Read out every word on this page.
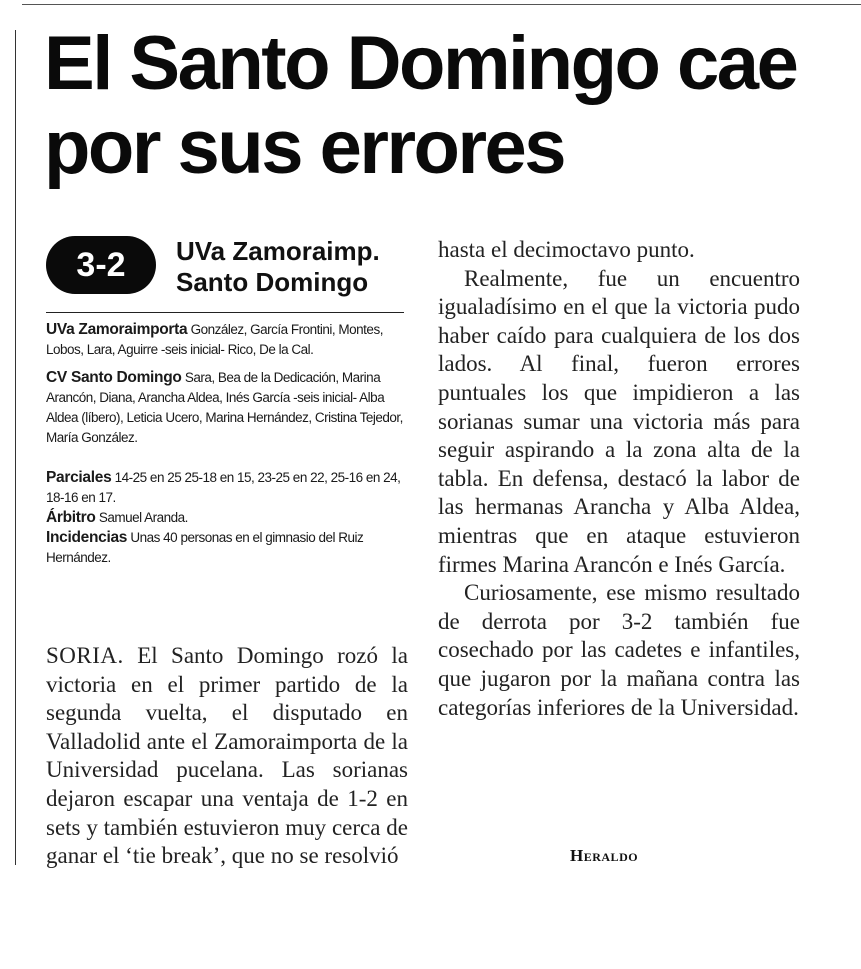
El Santo Domingo cae por sus errores
3-2	UVa Zamoraimp.
Santo Domingo

UVa Zamoraimporta González, García Frontini, Montes, Lobos, Lara, Aguirre -seis inicial- Rico, De la Cal.

CV Santo Domingo Sara, Bea de la Dedicación, Marina Arancón, Diana, Arancha Aldea, Inés García -seis inicial- Alba Aldea (líbero), Leticia Ucero, Marina Hernández, Cristina Tejedor, María González.

Parciales 14-25 en 25 25-18 en 15, 23-25 en 22, 25-16 en 24, 18-16 en 17.

Árbitro Samuel Aranda.

Incidencias Unas 40 personas en el gimnasio del Ruiz Hernández.

SORIA. El Santo Domingo rozó la victoria en el primer partido de la segunda vuelta, el disputado en Valladolid ante el Zamoraimporta de la Universidad pucelana. Las sorianas dejaron escapar una ventaja de 1-2 en sets y también estuvieron muy cerca de ganar el ‘tie break’, que no se resolvió

hasta el decimoctavo punto.

Realmente, fue un encuentro igualadísimo en el que la victoria pudo haber caído para cualquiera de los dos lados. Al final, fueron errores puntuales los que impidieron a las sorianas sumar una victoria más para seguir aspirando a la zona alta de la tabla. En defensa, destacó la labor de las hermanas Arancha y Alba Aldea, mientras que en ataque estuvieron firmes Marina Arancón e Inés García.

Curiosamente, ese mismo resultado de derrota por 3-2 también fue cosechado por las cadetes e infantiles, que jugaron por la mañana contra las categorías inferiores de la Universidad.

Heraldo
